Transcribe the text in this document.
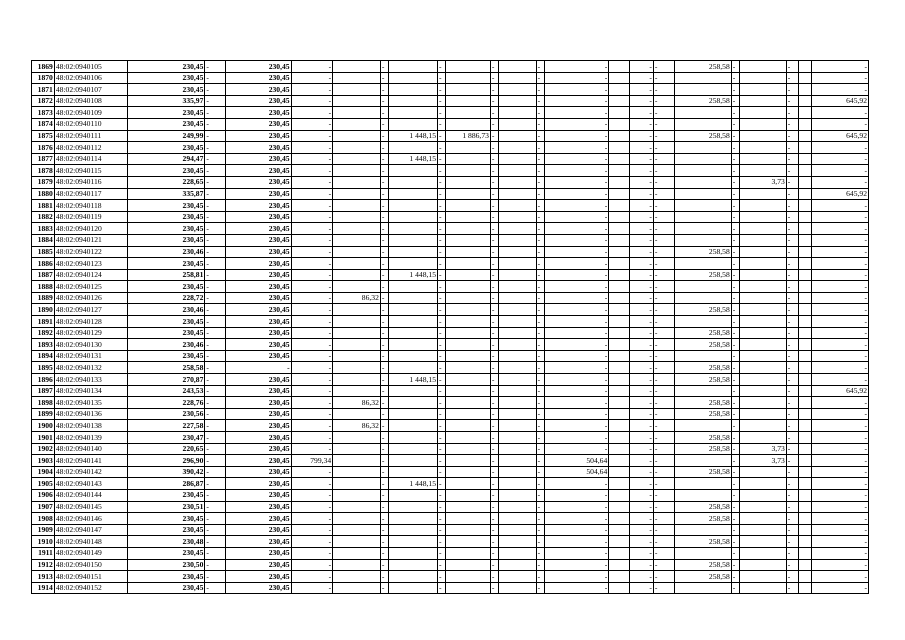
1869	48:02:0940105	230,45	-	230,45	-		-		-		-		-	-		-	-	258,58	-		-		-
1870	48:02:0940106	230,45	-	230,45	-		-		-		-		-	-		-	-		-		-		-
1871	48:02:0940107	230,45	-	230,45	-		-		-		-		-	-		-	-		-		-		-
1872	48:02:0940108	335,97	-	230,45	-		-		-		-		-	-		-	-	258,58	-		-		645,92
1873	48:02:0940109	230,45	-	230,45	-		-		-		-		-	-		-	-		-		-		-
1874	48:02:0940110	230,45	-	230,45	-		-		-		-		-	-		-	-		-		-		-
1875	48:02:0940111	249,99	-	230,45	-		-	1 448,15	-	1 886,73	-		-	-		-	-	258,58	-		-		645,92
1876	48:02:0940112	230,45	-	230,45	-		-		-		-		-	-		-	-		-		-		-
1877	48:02:0940114	294,47	-	230,45	-		-	1 448,15	-		-		-	-		-	-		-		-		-
1878	48:02:0940115	230,45	-	230,45	-		-		-		-		-	-		-	-		-		-		-
1879	48:02:0940116	228,65	-	230,45	-		-		-		-		-	-		-	-		-	3,73	-		-
1880	48:02:0940117	335,87	-	230,45	-		-		-		-		-	-		-	-		-		-		645,92
1881	48:02:0940118	230,45	-	230,45	-		-		-		-		-	-		-	-		-		-		-
1882	48:02:0940119	230,45	-	230,45	-		-		-		-		-	-		-	-		-		-		-
1883	48:02:0940120	230,45	-	230,45	-		-		-		-		-	-		-	-		-		-		-
1884	48:02:0940121	230,45	-	230,45	-		-		-		-		-	-		-	-		-		-		-
1885	48:02:0940122	230,46	-	230,45	-		-		-		-		-	-		-	-	258,58	-		-		-
1886	48:02:0940123	230,45	-	230,45	-		-		-		-		-	-		-	-		-		-		-
1887	48:02:0940124	258,81	-	230,45	-		-	1 448,15	-		-		-	-		-	-	258,58	-		-		-
1888	48:02:0940125	230,45	-	230,45	-		-		-		-		-	-		-	-		-		-		-
1889	48:02:0940126	228,72	-	230,45	-	86,32	-		-		-		-	-		-	-		-		-		-
1890	48:02:0940127	230,46	-	230,45	-		-		-		-		-	-		-	-	258,58	-		-		-
1891	48:02:0940128	230,45	-	230,45	-		-		-		-		-	-		-	-		-		-		-
1892	48:02:0940129	230,45	-	230,45	-		-		-		-		-	-		-	-	258,58	-		-		-
1893	48:02:0940130	230,46	-	230,45	-		-		-		-		-	-		-	-	258,58	-		-		-
1894	48:02:0940131	230,45	-	230,45	-		-		-		-		-	-		-	-		-		-		-
1895	48:02:0940132	258,58	-	-	-		-		-		-		-	-		-	-	258,58	-		-		-
1896	48:02:0940133	270,87	-	230,45	-		-	1 448,15	-		-		-	-		-	-	258,58	-		-		-
1897	48:02:0940134	243,53	-	230,45	-		-		-		-		-	-		-	-		-		-		645,92
1898	48:02:0940135	228,76	-	230,45	-	86,32	-		-		-		-	-		-	-	258,58	-		-		-
1899	48:02:0940136	230,56	-	230,45	-		-		-		-		-	-		-	-	258,58	-		-		-
1900	48:02:0940138	227,58	-	230,45	-	86,32	-		-		-		-	-		-	-		-		-		-
1901	48:02:0940139	230,47	-	230,45	-		-		-		-		-	-		-	-	258,58	-		-		-
1902	48:02:0940140	220,65	-	230,45	-		-		-		-		-	-		-	-	258,58	-	3,73	-		-
1903	48:02:0940141	296,90	-	230,45	799,34		-		-		-		-	504,64		-	-		-	3,73	-		-
1904	48:02:0940142	390,42	-	230,45	-		-		-		-		-	504,64		-	-	258,58	-		-		-
1905	48:02:0940143	286,87	-	230,45	-		-	1 448,15	-		-		-	-		-	-		-		-		-
1906	48:02:0940144	230,45	-	230,45	-		-		-		-		-	-		-	-		-		-		-
1907	48:02:0940145	230,51	-	230,45	-		-		-		-		-	-		-	-	258,58	-		-		-
1908	48:02:0940146	230,45	-	230,45	-		-		-		-		-	-		-	-	258,58	-		-		-
1909	48:02:0940147	230,45	-	230,45	-		-		-		-		-	-		-	-		-		-		-
1910	48:02:0940148	230,48	-	230,45	-		-		-		-		-	-		-	-	258,58	-		-		-
1911	48:02:0940149	230,45	-	230,45	-		-		-		-		-	-		-	-		-		-		-
1912	48:02:0940150	230,50	-	230,45	-		-		-		-		-	-		-	-	258,58	-		-		-
1913	48:02:0940151	230,45	-	230,45	-		-		-		-		-	-		-	-	258,58	-		-		-
1914	48:02:0940152	230,45	-	230,45	-		-		-		-		-	-		-	-		-		-		-
